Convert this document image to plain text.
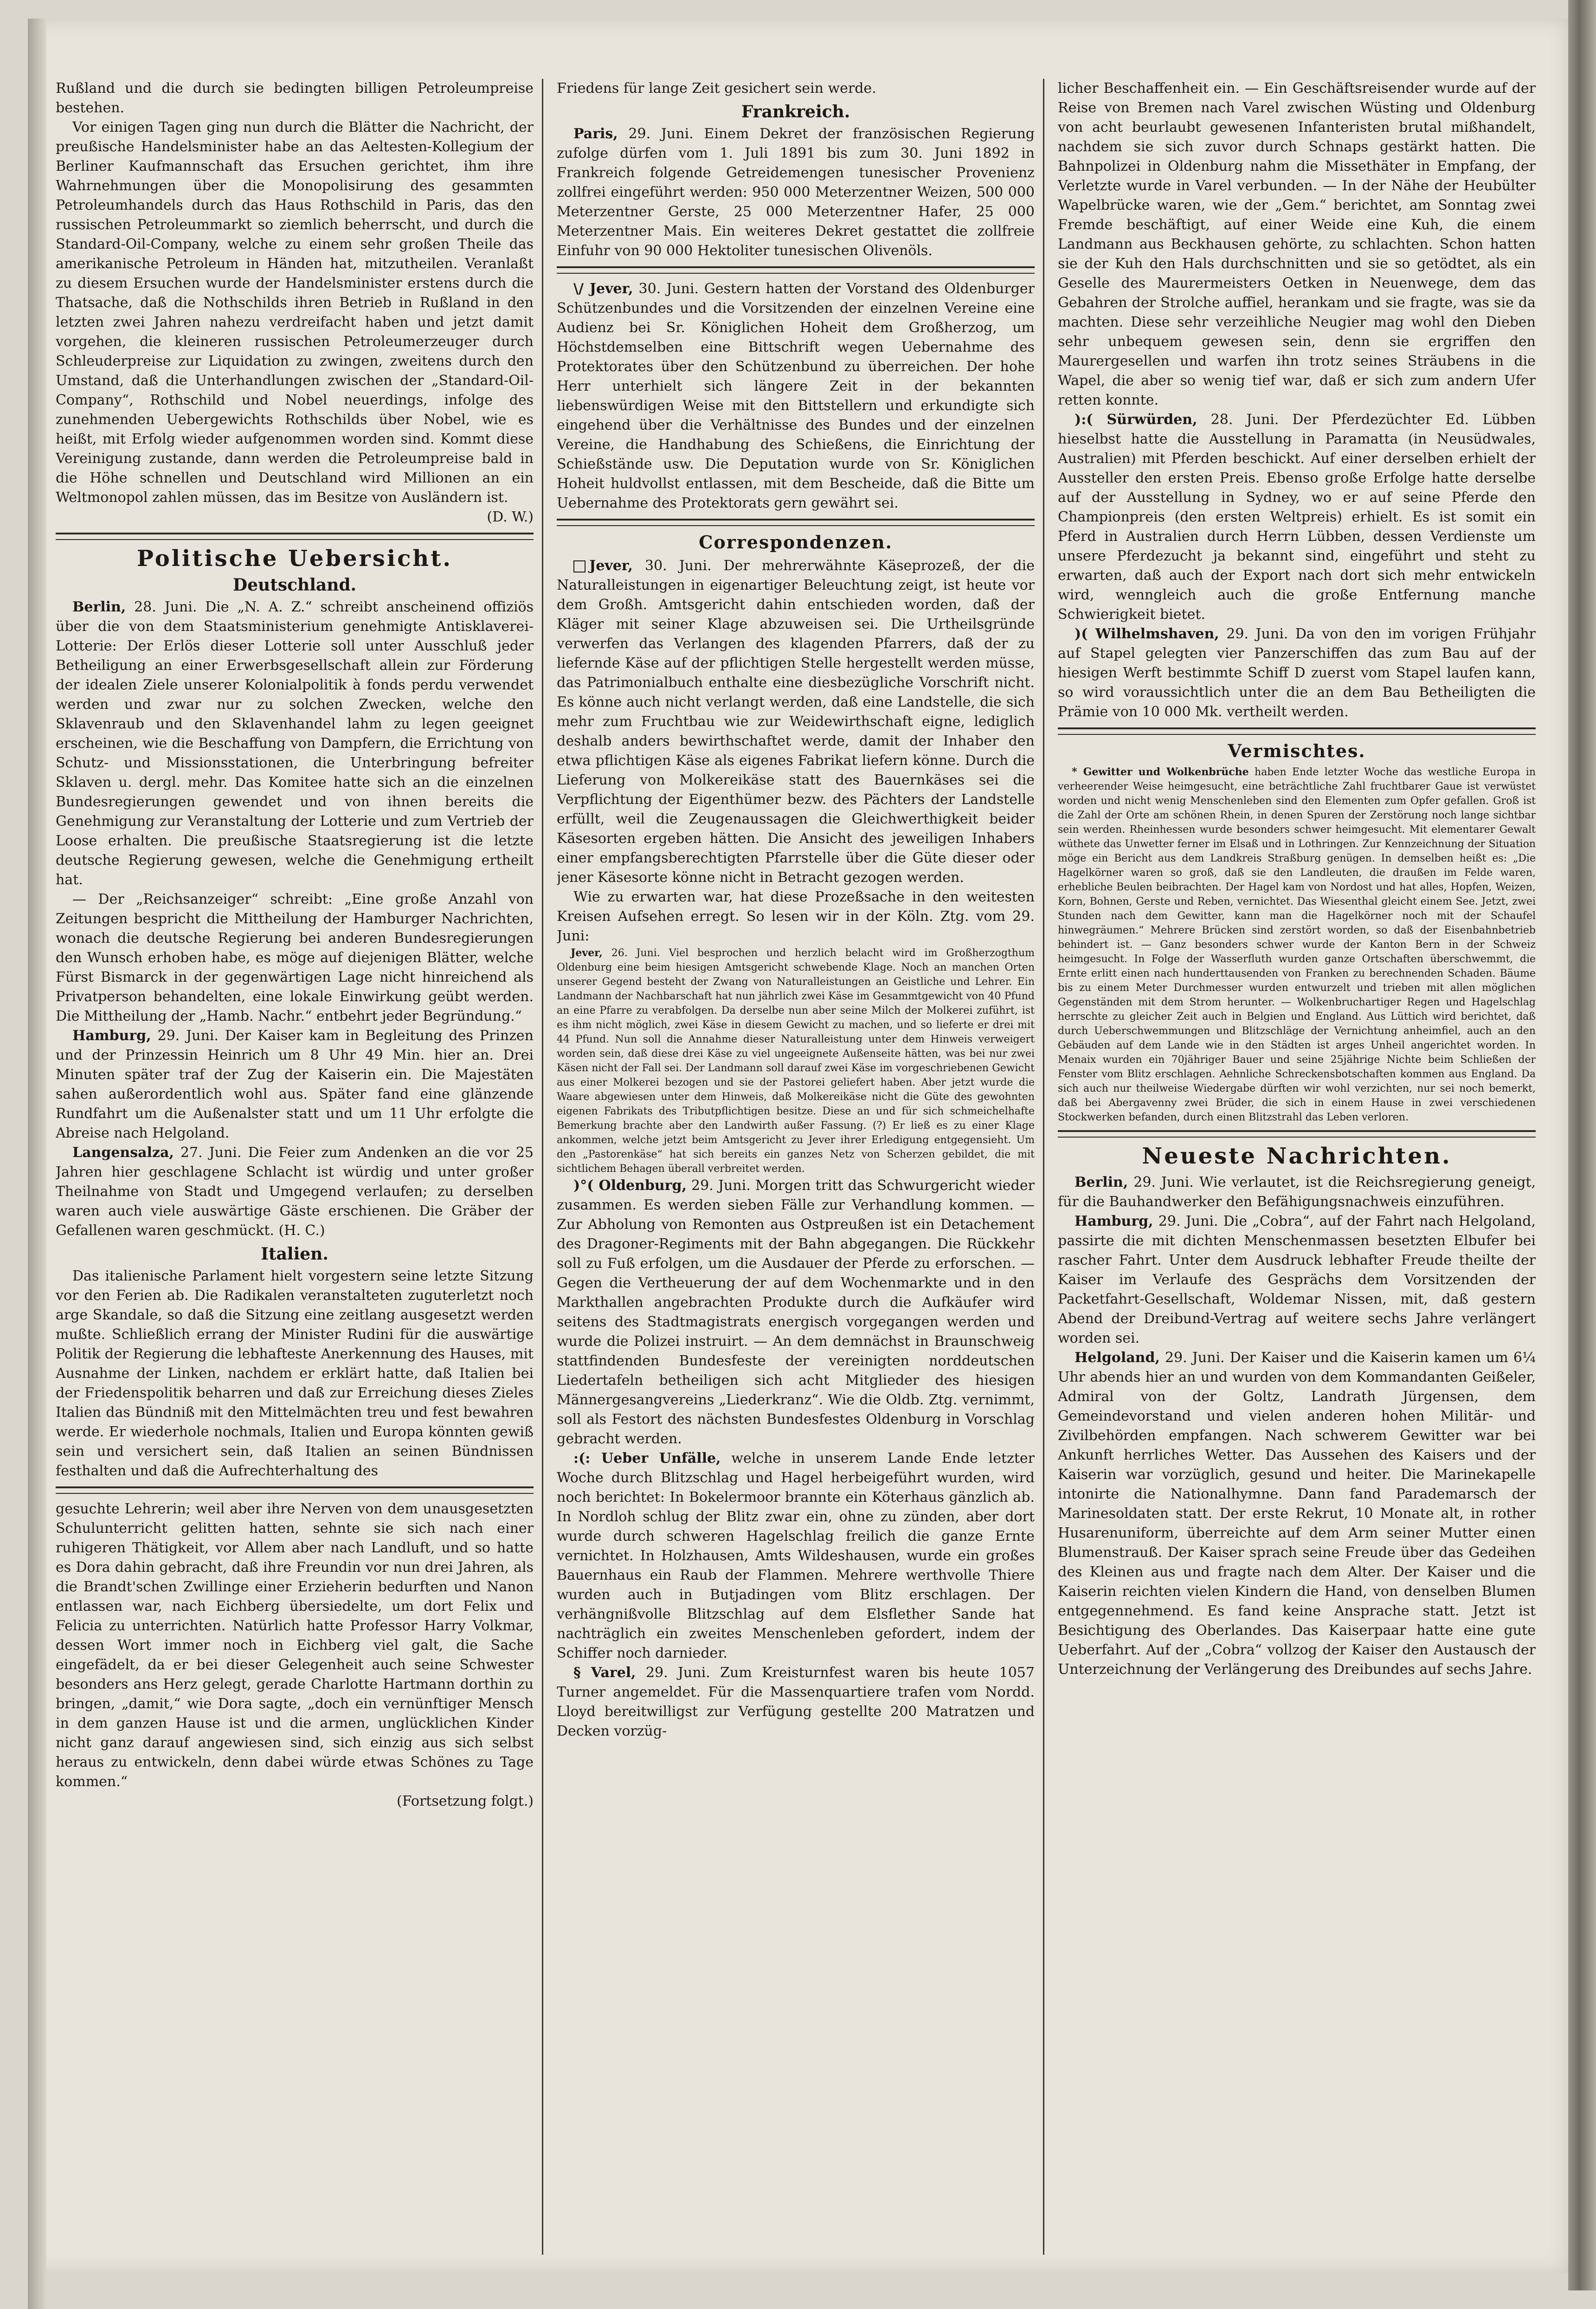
Rußland und die durch sie bedingten billigen Petroleumpreise bestehen.

Vor einigen Tagen ging nun durch die Blätter die Nachricht, der preußische Handelsminister habe an das Aeltesten-Kollegium der Berliner Kaufmannschaft das Ersuchen gerichtet, ihm ihre Wahrnehmungen über die Monopolisirung des gesammten Petroleumhandels durch das Haus Rothschild in Paris, das den russischen Petroleummarkt so ziemlich beherrscht, und durch die Standard-Oil-Company, welche zu einem sehr großen Theile das amerikanische Petroleum in Händen hat, mitzutheilen. Veranlaßt zu diesem Ersuchen wurde der Handelsminister erstens durch die Thatsache, daß die Nothschilds ihren Betrieb in Rußland in den letzten zwei Jahren nahezu verdreifacht haben und jetzt damit vorgehen, die kleineren russischen Petroleumerzeuger durch Schleuderpreise zur Liquidation zu zwingen, zweitens durch den Umstand, daß die Unterhandlungen zwischen der „Standard-Oil-Company“, Rothschild und Nobel neuerdings, infolge des zunehmenden Uebergewichts Rothschilds über Nobel, wie es heißt, mit Erfolg wieder aufgenommen worden sind. Kommt diese Vereinigung zustande, dann werden die Petroleumpreise bald in die Höhe schnellen und Deutschland wird Millionen an ein Weltmonopol zahlen müssen, das im Besitze von Ausländern ist.

(D. W.)

Politische Uebersicht.
Deutschland.

Berlin, 28. Juni. Die „N. A. Z.“ schreibt anscheinend offiziös über die von dem Staatsministerium genehmigte Antisklaverei-Lotterie: Der Erlös dieser Lotterie soll unter Ausschluß jeder Betheiligung an einer Erwerbsgesellschaft allein zur Förderung der idealen Ziele unserer Kolonialpolitik à fonds perdu verwendet werden und zwar nur zu solchen Zwecken, welche den Sklavenraub und den Sklavenhandel lahm zu legen geeignet erscheinen, wie die Beschaffung von Dampfern, die Errichtung von Schutz- und Missionsstationen, die Unterbringung befreiter Sklaven u. dergl. mehr. Das Komitee hatte sich an die einzelnen Bundesregierungen gewendet und von ihnen bereits die Genehmigung zur Veranstaltung der Lotterie und zum Vertrieb der Loose erhalten. Die preußische Staatsregierung ist die letzte deutsche Regierung gewesen, welche die Genehmigung ertheilt hat.

— Der „Reichsanzeiger“ schreibt: „Eine große Anzahl von Zeitungen bespricht die Mittheilung der Hamburger Nachrichten, wonach die deutsche Regierung bei anderen Bundesregierungen den Wunsch erhoben habe, es möge auf diejenigen Blätter, welche Fürst Bismarck in der gegenwärtigen Lage nicht hinreichend als Privatperson behandelten, eine lokale Einwirkung geübt werden. Die Mittheilung der „Hamb. Nachr.“ entbehrt jeder Begründung.“

Hamburg, 29. Juni. Der Kaiser kam in Begleitung des Prinzen und der Prinzessin Heinrich um 8 Uhr 49 Min. hier an. Drei Minuten später traf der Zug der Kaiserin ein. Die Majestäten sahen außerordentlich wohl aus. Später fand eine glänzende Rundfahrt um die Außenalster statt und um 11 Uhr erfolgte die Abreise nach Helgoland.

Langensalza, 27. Juni. Die Feier zum Andenken an die vor 25 Jahren hier geschlagene Schlacht ist würdig und unter großer Theilnahme von Stadt und Umgegend verlaufen; zu derselben waren auch viele auswärtige Gäste erschienen. Die Gräber der Gefallenen waren geschmückt. (H. C.)

Italien.

Das italienische Parlament hielt vorgestern seine letzte Sitzung vor den Ferien ab. Die Radikalen veranstalteten zuguterletzt noch arge Skandale, so daß die Sitzung eine zeitlang ausgesetzt werden mußte. Schließlich errang der Minister Rudini für die auswärtige Politik der Regierung die lebhafteste Anerkennung des Hauses, mit Ausnahme der Linken, nachdem er erklärt hatte, daß Italien bei der Friedenspolitik beharren und daß zur Erreichung dieses Zieles Italien das Bündniß mit den Mittelmächten treu und fest bewahren werde. Er wiederhole nochmals, Italien und Europa könnten gewiß sein und versichert sein, daß Italien an seinen Bündnissen festhalten und daß die Aufrechterhaltung des

gesuchte Lehrerin; weil aber ihre Nerven von dem unausgesetzten Schulunterricht gelitten hatten, sehnte sie sich nach einer ruhigeren Thätigkeit, vor Allem aber nach Landluft, und so hatte es Dora dahin gebracht, daß ihre Freundin vor nun drei Jahren, als die Brandt'schen Zwillinge einer Erzieherin bedurften und Nanon entlassen war, nach Eichberg übersiedelte, um dort Felix und Felicia zu unterrichten. Natürlich hatte Professor Harry Volkmar, dessen Wort immer noch in Eichberg viel galt, die Sache eingefädelt, da er bei dieser Gelegenheit auch seine Schwester besonders ans Herz gelegt, gerade Charlotte Hartmann dorthin zu bringen, „damit,“ wie Dora sagte, „doch ein vernünftiger Mensch in dem ganzen Hause ist und die armen, unglücklichen Kinder nicht ganz darauf angewiesen sind, sich einzig aus sich selbst heraus zu entwickeln, denn dabei würde etwas Schönes zu Tage kommen.“

(Fortsetzung folgt.)

Friedens für lange Zeit gesichert sein werde.

Frankreich.

Paris, 29. Juni. Einem Dekret der französischen Regierung zufolge dürfen vom 1. Juli 1891 bis zum 30. Juni 1892 in Frankreich folgende Getreidemengen tunesischer Provenienz zollfrei eingeführt werden: 950 000 Meterzentner Weizen, 500 000 Meterzentner Gerste, 25 000 Meterzentner Hafer, 25 000 Meterzentner Mais. Ein weiteres Dekret gestattet die zollfreie Einfuhr von 90 000 Hektoliter tunesischen Olivenöls.

\/ Jever, 30. Juni. Gestern hatten der Vorstand des Oldenburger Schützenbundes und die Vorsitzenden der einzelnen Vereine eine Audienz bei Sr. Königlichen Hoheit dem Großherzog, um Höchstdemselben eine Bittschrift wegen Uebernahme des Protektorates über den Schützenbund zu überreichen. Der hohe Herr unterhielt sich längere Zeit in der bekannten liebenswürdigen Weise mit den Bittstellern und erkundigte sich eingehend über die Verhältnisse des Bundes und der einzelnen Vereine, die Handhabung des Schießens, die Einrichtung der Schießstände usw. Die Deputation wurde von Sr. Königlichen Hoheit huldvollst entlassen, mit dem Bescheide, daß die Bitte um Uebernahme des Protektorats gern gewährt sei.

Correspondenzen.

Jever, 30. Juni. Der mehrerwähnte Käseprozeß, der die Naturalleistungen in eigenartiger Beleuchtung zeigt, ist heute vor dem Großh. Amtsgericht dahin entschieden worden, daß der Kläger mit seiner Klage abzuweisen sei. Die Urtheilsgründe verwerfen das Verlangen des klagenden Pfarrers, daß der zu liefernde Käse auf der pflichtigen Stelle hergestellt werden müsse, das Patrimonialbuch enthalte eine diesbezügliche Vorschrift nicht. Es könne auch nicht verlangt werden, daß eine Landstelle, die sich mehr zum Fruchtbau wie zur Weidewirthschaft eigne, lediglich deshalb anders bewirthschaftet werde, damit der Inhaber den etwa pflichtigen Käse als eigenes Fabrikat liefern könne. Durch die Lieferung von Molkereikäse statt des Bauernkäses sei die Verpflichtung der Eigenthümer bezw. des Pächters der Landstelle erfüllt, weil die Zeugenaussagen die Gleichwerthigkeit beider Käsesorten ergeben hätten. Die Ansicht des jeweiligen Inhabers einer empfangsberechtigten Pfarrstelle über die Güte dieser oder jener Käsesorte könne nicht in Betracht gezogen werden.

Wie zu erwarten war, hat diese Prozeßsache in den weitesten Kreisen Aufsehen erregt. So lesen wir in der Köln. Ztg. vom 29. Juni:

Jever, 26. Juni. Viel besprochen und herzlich belacht wird im Großherzogthum Oldenburg eine beim hiesigen Amtsgericht schwebende Klage. Noch an manchen Orten unserer Gegend besteht der Zwang von Naturalleistungen an Geistliche und Lehrer. Ein Landmann der Nachbarschaft hat nun jährlich zwei Käse im Gesammtgewicht von 40 Pfund an eine Pfarre zu verabfolgen. Da derselbe nun aber seine Milch der Molkerei zuführt, ist es ihm nicht möglich, zwei Käse in diesem Gewicht zu machen, und so lieferte er drei mit 44 Pfund. Nun soll die Annahme dieser Naturalleistung unter dem Hinweis verweigert worden sein, daß diese drei Käse zu viel ungeeignete Außenseite hätten, was bei nur zwei Käsen nicht der Fall sei. Der Landmann soll darauf zwei Käse im vorgeschriebenen Gewicht aus einer Molkerei bezogen und sie der Pastorei geliefert haben. Aber jetzt wurde die Waare abgewiesen unter dem Hinweis, daß Molkereikäse nicht die Güte des gewohnten eigenen Fabrikats des Tributpflichtigen besitze. Diese an und für sich schmeichelhafte Bemerkung brachte aber den Landwirth außer Fassung. (?) Er ließ es zu einer Klage ankommen, welche jetzt beim Amtsgericht zu Jever ihrer Erledigung entgegensieht. Um den „Pastorenkäse“ hat sich bereits ein ganzes Netz von Scherzen gebildet, die mit sichtlichem Behagen überall verbreitet werden.

)°( Oldenburg, 29. Juni. Morgen tritt das Schwurgericht wieder zusammen. Es werden sieben Fälle zur Verhandlung kommen. — Zur Abholung von Remonten aus Ostpreußen ist ein Detachement des Dragoner-Regiments mit der Bahn abgegangen. Die Rückkehr soll zu Fuß erfolgen, um die Ausdauer der Pferde zu erforschen. — Gegen die Vertheuerung der auf dem Wochenmarkte und in den Markthallen angebrachten Produkte durch die Aufkäufer wird seitens des Stadtmagistrats energisch vorgegangen werden und wurde die Polizei instruirt. — An dem demnächst in Braunschweig stattfindenden Bundesfeste der vereinigten norddeutschen Liedertafeln betheiligen sich acht Mitglieder des hiesigen Männergesangvereins „Liederkranz“. Wie die Oldb. Ztg. vernimmt, soll als Festort des nächsten Bundesfestes Oldenburg in Vorschlag gebracht werden.

:(: Ueber Unfälle, welche in unserem Lande Ende letzter Woche durch Blitzschlag und Hagel herbeigeführt wurden, wird noch berichtet: In Bokelermoor brannte ein Köterhaus gänzlich ab. In Nordloh schlug der Blitz zwar ein, ohne zu zünden, aber dort wurde durch schweren Hagelschlag freilich die ganze Ernte vernichtet. In Holzhausen, Amts Wildeshausen, wurde ein großes Bauernhaus ein Raub der Flammen. Mehrere werthvolle Thiere wurden auch in Butjadingen vom Blitz erschlagen. Der verhängnißvolle Blitzschlag auf dem Elsflether Sande hat nachträglich ein zweites Menschenleben gefordert, indem der Schiffer noch darnieder.

§ Varel, 29. Juni. Zum Kreisturnfest waren bis heute 1057 Turner angemeldet. Für die Massenquartiere trafen vom Nordd. Lloyd bereitwilligst zur Verfügung gestellte 200 Matratzen und Decken vorzüg-

licher Beschaffenheit ein. — Ein Geschäftsreisender wurde auf der Reise von Bremen nach Varel zwischen Wüsting und Oldenburg von acht beurlaubt gewesenen Infanteristen brutal mißhandelt, nachdem sie sich zuvor durch Schnaps gestärkt hatten. Die Bahnpolizei in Oldenburg nahm die Missethäter in Empfang, der Verletzte wurde in Varel verbunden. — In der Nähe der Heubülter Wapelbrücke waren, wie der „Gem.“ berichtet, am Sonntag zwei Fremde beschäftigt, auf einer Weide eine Kuh, die einem Landmann aus Beckhausen gehörte, zu schlachten. Schon hatten sie der Kuh den Hals durchschnitten und sie so getödtet, als ein Geselle des Maurermeisters Oetken in Neuenwege, dem das Gebahren der Strolche auffiel, herankam und sie fragte, was sie da machten. Diese sehr verzeihliche Neugier mag wohl den Dieben sehr unbequem gewesen sein, denn sie ergriffen den Maurergesellen und warfen ihn trotz seines Sträubens in die Wapel, die aber so wenig tief war, daß er sich zum andern Ufer retten konnte.

):( Sürwürden, 28. Juni. Der Pferdezüchter Ed. Lübben hieselbst hatte die Ausstellung in Paramatta (in Neusüdwales, Australien) mit Pferden beschickt. Auf einer derselben erhielt der Aussteller den ersten Preis. Ebenso große Erfolge hatte derselbe auf der Ausstellung in Sydney, wo er auf seine Pferde den Championpreis (den ersten Weltpreis) erhielt. Es ist somit ein Pferd in Australien durch Herrn Lübben, dessen Verdienste um unsere Pferdezucht ja bekannt sind, eingeführt und steht zu erwarten, daß auch der Export nach dort sich mehr entwickeln wird, wenngleich auch die große Entfernung manche Schwierigkeit bietet.

)( Wilhelmshaven, 29. Juni. Da von den im vorigen Frühjahr auf Stapel gelegten vier Panzerschiffen das zum Bau auf der hiesigen Werft bestimmte Schiff D zuerst vom Stapel laufen kann, so wird voraussichtlich unter die an dem Bau Betheiligten die Prämie von 10 000 Mk. vertheilt werden.

Vermischtes.

* Gewitter und Wolkenbrüche haben Ende letzter Woche das westliche Europa in verheerender Weise heimgesucht, eine beträchtliche Zahl fruchtbarer Gaue ist verwüstet worden und nicht wenig Menschenleben sind den Elementen zum Opfer gefallen. Groß ist die Zahl der Orte am schönen Rhein, in denen Spuren der Zerstörung noch lange sichtbar sein werden. Rheinhessen wurde besonders schwer heimgesucht. Mit elementarer Gewalt wüthete das Unwetter ferner im Elsaß und in Lothringen. Zur Kennzeichnung der Situation möge ein Bericht aus dem Landkreis Straßburg genügen. In demselben heißt es: „Die Hagelkörner waren so groß, daß sie den Landleuten, die draußen im Felde waren, erhebliche Beulen beibrachten. Der Hagel kam von Nordost und hat alles, Hopfen, Weizen, Korn, Bohnen, Gerste und Reben, vernichtet. Das Wiesenthal gleicht einem See. Jetzt, zwei Stunden nach dem Gewitter, kann man die Hagelkörner noch mit der Schaufel hinwegräumen.“ Mehrere Brücken sind zerstört worden, so daß der Eisenbahnbetrieb behindert ist. — Ganz besonders schwer wurde der Kanton Bern in der Schweiz heimgesucht. In Folge der Wasserfluth wurden ganze Ortschaften überschwemmt, die Ernte erlitt einen nach hunderttausenden von Franken zu berechnenden Schaden. Bäume bis zu einem Meter Durchmesser wurden entwurzelt und trieben mit allen möglichen Gegenständen mit dem Strom herunter. — Wolkenbruchartiger Regen und Hagelschlag herrschte zu gleicher Zeit auch in Belgien und England. Aus Lüttich wird berichtet, daß durch Ueberschwemmungen und Blitzschläge der Vernichtung anheimfiel, auch an den Gebäuden auf dem Lande wie in den Städten ist arges Unheil angerichtet worden. In Menaix wurden ein 70jähriger Bauer und seine 25jährige Nichte beim Schließen der Fenster vom Blitz erschlagen. Aehnliche Schreckensbotschaften kommen aus England. Da sich auch nur theilweise Wiedergabe dürften wir wohl verzichten, nur sei noch bemerkt, daß bei Abergavenny zwei Brüder, die sich in einem Hause in zwei verschiedenen Stockwerken befanden, durch einen Blitzstrahl das Leben verloren.

Neueste Nachrichten.

Berlin, 29. Juni. Wie verlautet, ist die Reichsregierung geneigt, für die Bauhandwerker den Befähigungsnachweis einzuführen.

Hamburg, 29. Juni. Die „Cobra“, auf der Fahrt nach Helgoland, passirte die mit dichten Menschenmassen besetzten Elbufer bei rascher Fahrt. Unter dem Ausdruck lebhafter Freude theilte der Kaiser im Verlaufe des Gesprächs dem Vorsitzenden der Packetfahrt-Gesellschaft, Woldemar Nissen, mit, daß gestern Abend der Dreibund-Vertrag auf weitere sechs Jahre verlängert worden sei.

Helgoland, 29. Juni. Der Kaiser und die Kaiserin kamen um 6¼ Uhr abends hier an und wurden von dem Kommandanten Geißeler, Admiral von der Goltz, Landrath Jürgensen, dem Gemeindevorstand und vielen anderen hohen Militär- und Zivilbehörden empfangen. Nach schwerem Gewitter war bei Ankunft herrliches Wetter. Das Aussehen des Kaisers und der Kaiserin war vorzüglich, gesund und heiter. Die Marinekapelle intonirte die Nationalhymne. Dann fand Parademarsch der Marinesoldaten statt. Der erste Rekrut, 10 Monate alt, in rother Husarenuniform, überreichte auf dem Arm seiner Mutter einen Blumenstrauß. Der Kaiser sprach seine Freude über das Gedeihen des Kleinen aus und fragte nach dem Alter. Der Kaiser und die Kaiserin reichten vielen Kindern die Hand, von denselben Blumen entgegennehmend. Es fand keine Ansprache statt. Jetzt ist Besichtigung des Oberlandes. Das Kaiserpaar hatte eine gute Ueberfahrt. Auf der „Cobra“ vollzog der Kaiser den Austausch der Unterzeichnung der Verlängerung des Dreibundes auf sechs Jahre.
